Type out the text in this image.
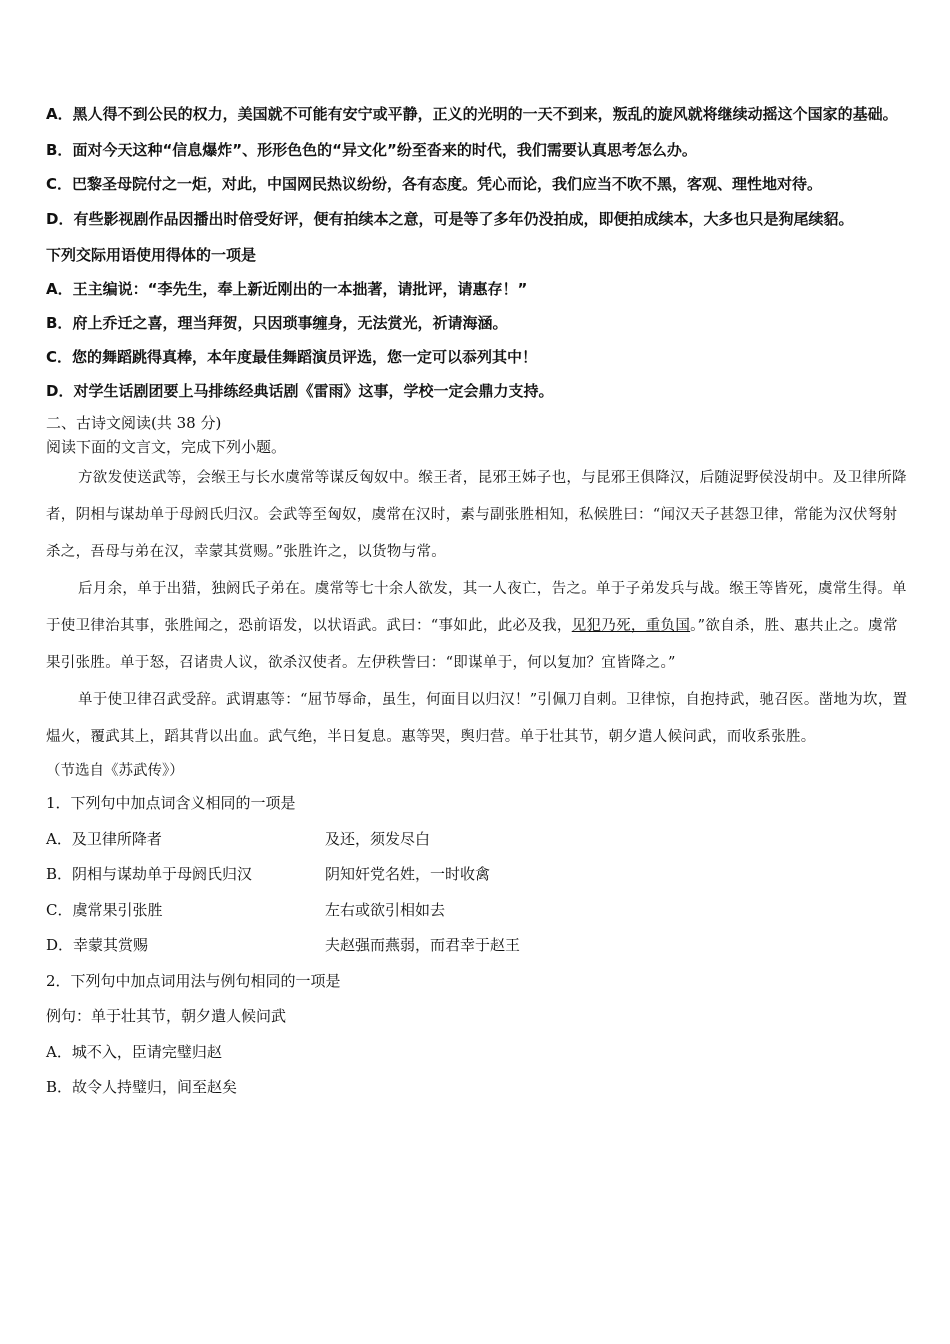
A．黑人得不到公民的权力，美国就不可能有安宁或平静，正义的光明的一天不到来，叛乱的旋风就将继续动摇这个国家的基础。
B．面对今天这种“信息爆炸”、形形色色的“异文化”纷至沓来的时代，我们需要认真思考怎么办。
C．巴黎圣母院付之一炬，对此，中国网民热议纷纷，各有态度。凭心而论，我们应当不吹不黑，客观、理性地对待。
D．有些影视剧作品因播出时倍受好评，便有拍续本之意，可是等了多年仍没拍成，即便拍成续本，大多也只是狗尾续貂。
下列交际用语使用得体的一项是
A．王主编说：“李先生，奉上新近刚出的一本拙著，请批评，请惠存！”
B．府上乔迁之喜，理当拜贺，只因琐事缠身，无法赏光，祈请海涵。
C．您的舞蹈跳得真棒，本年度最佳舞蹈演员评选，您一定可以忝列其中！
D．对学生话剧团要上马排练经典话剧《雷雨》这事，学校一定会鼎力支持。
二、古诗文阅读(共 38 分)
阅读下面的文言文，完成下列小题。

方欲发使送武等，会缑王与长水虞常等谋反匈奴中。缑王者，昆邪王姊子也，与昆邪王俱降汉，后随浞野侯没胡中。及卫律所降者，阴相与谋劫单于母阏氏归汉。会武等至匈奴，虞常在汉时，素与副张胜相知，私候胜曰：“闻汉天子甚怨卫律，常能为汉伏弩射杀之，吾母与弟在汉，幸蒙其赏赐。”张胜许之，以货物与常。

后月余，单于出猎，独阏氏子弟在。虞常等七十余人欲发，其一人夜亡，告之。单于子弟发兵与战。缑王等皆死，虞常生得。单于使卫律治其事，张胜闻之，恐前语发，以状语武。武曰：“事如此，此必及我，见犯乃死，重负国。”欲自杀，胜、惠共止之。虞常果引张胜。单于怒，召诸贵人议，欲杀汉使者。左伊秩訾曰：“即谋单于，何以复加？宜皆降之。”

单于使卫律召武受辞。武谓惠等：“屈节辱命，虽生，何面目以归汉！”引佩刀自刺。卫律惊，自抱持武，驰召医。凿地为坎，置煴火，覆武其上，蹈其背以出血。武气绝，半日复息。惠等哭，舆归营。单于壮其节，朝夕遣人候问武，而收系张胜。

（节选自《苏武传》）
1．下列句中加点词含义相同的一项是
A．及卫律所降者	及还，须发尽白
B．阴相与谋劫单于母阏氏归汉	阴知奸党名姓，一时收禽
C．虞常果引张胜	左右或欲引相如去
D．幸蒙其赏赐	夫赵强而燕弱，而君幸于赵王
2．下列句中加点词用法与例句相同的一项是
例句：单于壮其节，朝夕遣人候问武
A．城不入，臣请完璧归赵
B．故令人持璧归，间至赵矣
